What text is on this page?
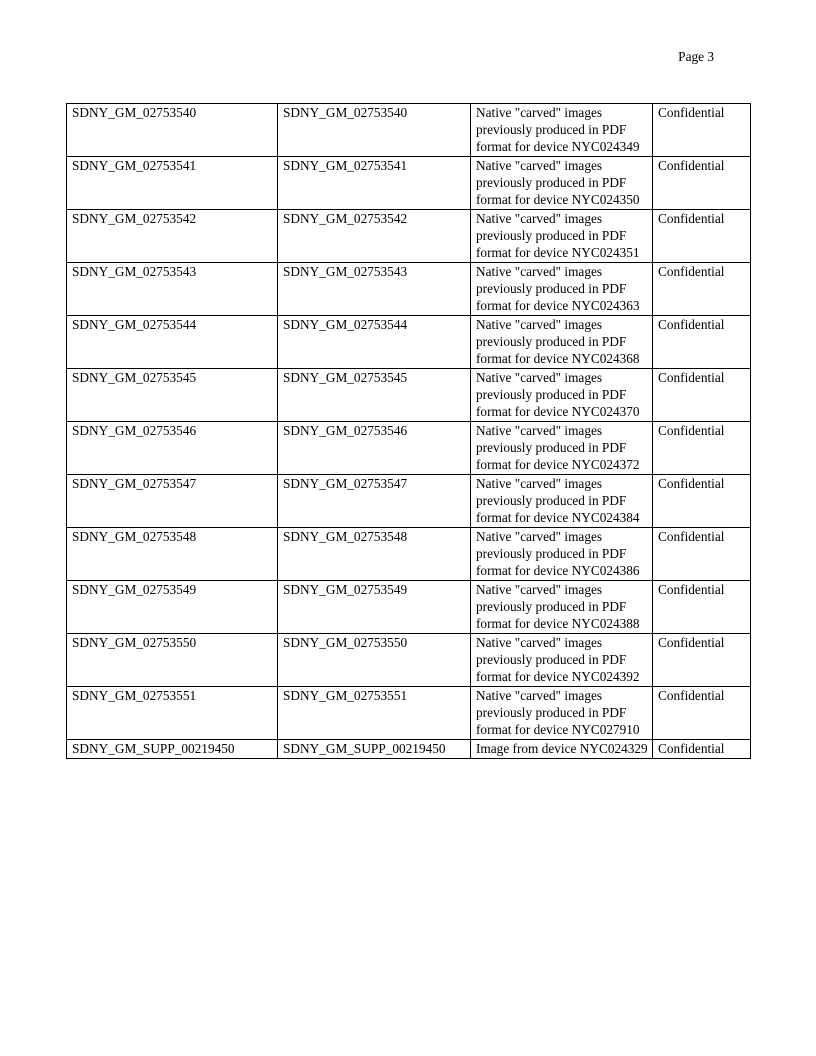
Page 3
SDNY_GM_02753540	SDNY_GM_02753540	Native "carved" images previously produced in PDF format for device NYC024349	Confidential
SDNY_GM_02753541	SDNY_GM_02753541	Native "carved" images previously produced in PDF format for device NYC024350	Confidential
SDNY_GM_02753542	SDNY_GM_02753542	Native "carved" images previously produced in PDF format for device NYC024351	Confidential
SDNY_GM_02753543	SDNY_GM_02753543	Native "carved" images previously produced in PDF format for device NYC024363	Confidential
SDNY_GM_02753544	SDNY_GM_02753544	Native "carved" images previously produced in PDF format for device NYC024368	Confidential
SDNY_GM_02753545	SDNY_GM_02753545	Native "carved" images previously produced in PDF format for device NYC024370	Confidential
SDNY_GM_02753546	SDNY_GM_02753546	Native "carved" images previously produced in PDF format for device NYC024372	Confidential
SDNY_GM_02753547	SDNY_GM_02753547	Native "carved" images previously produced in PDF format for device NYC024384	Confidential
SDNY_GM_02753548	SDNY_GM_02753548	Native "carved" images previously produced in PDF format for device NYC024386	Confidential
SDNY_GM_02753549	SDNY_GM_02753549	Native "carved" images previously produced in PDF format for device NYC024388	Confidential
SDNY_GM_02753550	SDNY_GM_02753550	Native "carved" images previously produced in PDF format for device NYC024392	Confidential
SDNY_GM_02753551	SDNY_GM_02753551	Native "carved" images previously produced in PDF format for device NYC027910	Confidential
SDNY_GM_SUPP_00219450	SDNY_GM_SUPP_00219450	Image from device NYC024329	Confidential
